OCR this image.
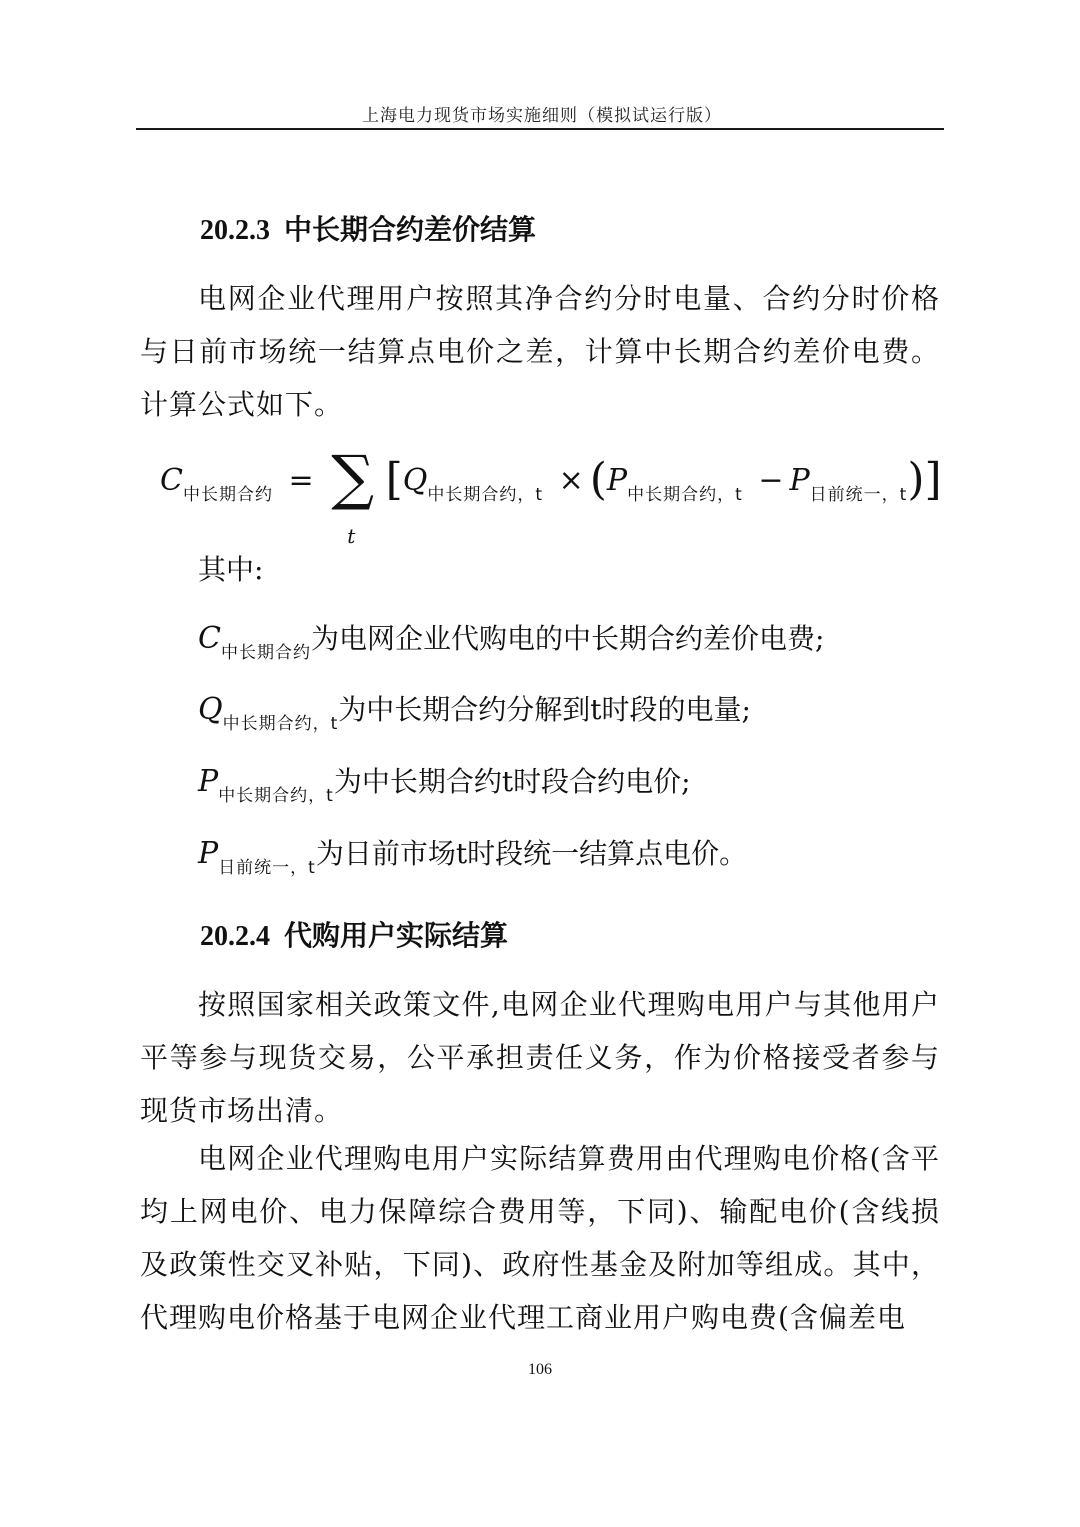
上海电力现货市场实施细则（模拟试运行版）
20.2.3 中长期合约差价结算
电网企业代理用户按照其净合约分时电量、合约分时价格与日前市场统一结算点电价之差，计算中长期合约差价电费。计算公式如下。
$C_{中长期合约}$ = ∑
t
$[Q_{中长期合约,t} \times (P_{中长期合约,t} - P_{日前统一,t})]$
其中:
$C_{中长期合约}$为电网企业代购电的中长期合约差价电费;
$Q_{中长期合约,t}$为中长期合约分解到t时段的电量;
$P_{中长期合约,t}$为中长期合约t时段合约电价;
$P_{日前统一,t}$为日前市场t时段统一结算点电价。
20.2.4 代购用户实际结算
按照国家相关政策文件,电网企业代理购电用户与其他用户平等参与现货交易，公平承担责任义务，作为价格接受者参与现货市场出清。
电网企业代理购电用户实际结算费用由代理购电价格(含平均上网电价、电力保障综合费用等，下同)、输配电价(含线损及政策性交叉补贴，下同)、政府性基金及附加等组成。其中，代理购电价格基于电网企业代理工商业用户购电费(含偏差电
106
